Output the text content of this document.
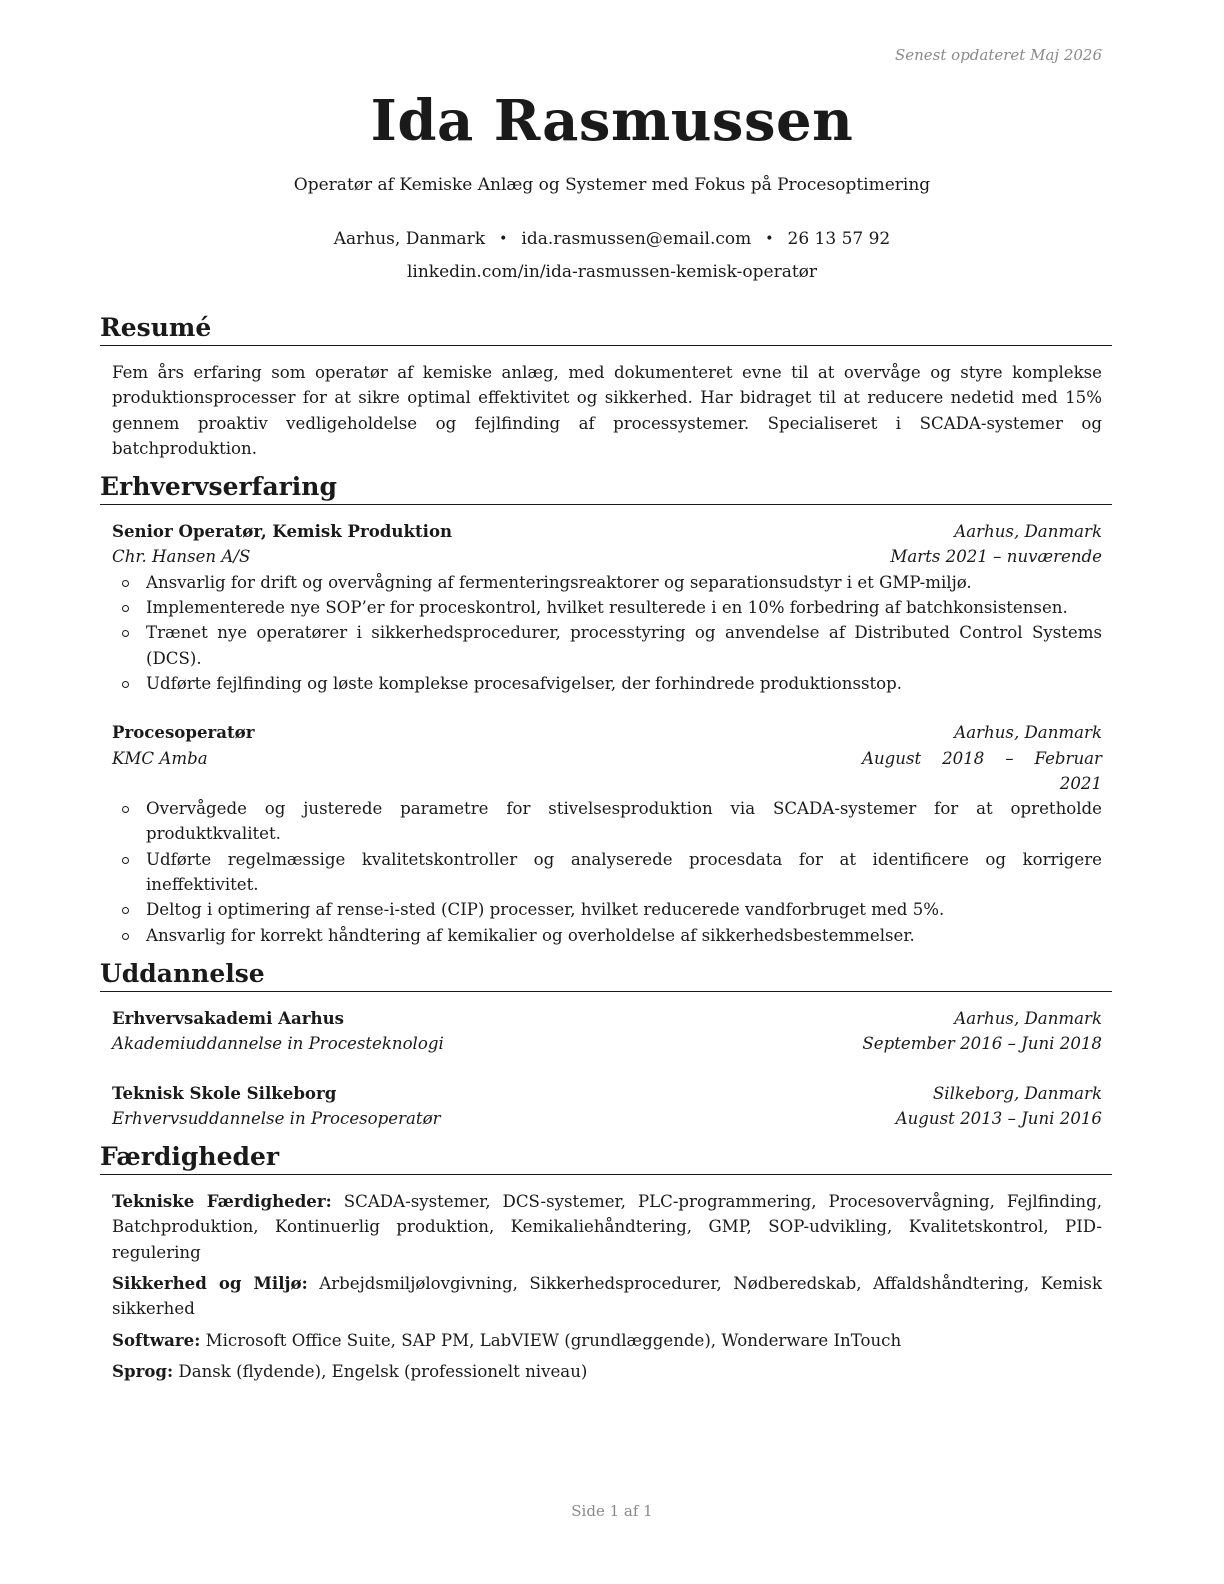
Senest opdateret Maj 2026
Ida Rasmussen
Operatør af Kemiske Anlæg og Systemer med Fokus på Procesoptimering
Aarhus, Danmark • ida.rasmussen@email.com • 26 13 57 92
linkedin.com/in/ida-rasmussen-kemisk-operatør
Resumé

Fem års erfaring som operatør af kemiske anlæg, med dokumenteret evne til at overvåge og styre komplekse produktionsprocesser for at sikre optimal effektivitet og sikkerhed. Har bidraget til at reducere nedetid med 15% gennem proaktiv vedligeholdelse og fejlfinding af processystemer. Specialiseret i SCADA-systemer og batchproduktion.

Erhvervserfaring
Senior Operatør, Kemisk Produktion	Aarhus, Danmark
Chr. Hansen A/S	Marts 2021 – nuværende
Ansvarlig for drift og overvågning af fermenteringsreaktorer og separationsudstyr i et GMP-miljø.
Implementerede nye SOP’er for proceskontrol, hvilket resulterede i en 10% forbedring af batchkonsistensen.
Trænet nye operatører i sikkerhedsprocedurer, processtyring og anvendelse af Distributed Control Systems (DCS).
Udførte fejlfinding og løste komplekse procesafvigelser, der forhindrede produktionsstop.
Procesoperatør	Aarhus, Danmark
KMC Amba	August 2018 – Februar 2021
Overvågede og justerede parametre for stivelsesproduktion via SCADA-systemer for at opretholde produktkvalitet.
Udførte regelmæssige kvalitetskontroller og analyserede procesdata for at identificere og korrigere ineffektivitet.
Deltog i optimering af rense-i-sted (CIP) processer, hvilket reducerede vandforbruget med 5%.
Ansvarlig for korrekt håndtering af kemikalier og overholdelse af sikkerhedsbestemmelser.
Uddannelse
Erhvervsakademi Aarhus	Aarhus, Danmark
Akademiuddannelse in Procesteknologi	September 2016 – Juni 2018
Teknisk Skole Silkeborg	Silkeborg, Danmark
Erhvervsuddannelse in Procesoperatør	August 2013 – Juni 2016
Færdigheder
Tekniske Færdigheder: SCADA-systemer, DCS-systemer, PLC-programmering, Procesovervågning, Fejlfinding, Batchproduktion, Kontinuerlig produktion, Kemikaliehåndtering, GMP, SOP-udvikling, Kvalitetskontrol, PID-regulering
Sikkerhed og Miljø: Arbejdsmiljølovgivning, Sikkerhedsprocedurer, Nødberedskab, Affaldshåndtering, Kemisk sikkerhed
Software: Microsoft Office Suite, SAP PM, LabVIEW (grundlæggende), Wonderware InTouch
Sprog: Dansk (flydende), Engelsk (professionelt niveau)
Side 1 af 1
